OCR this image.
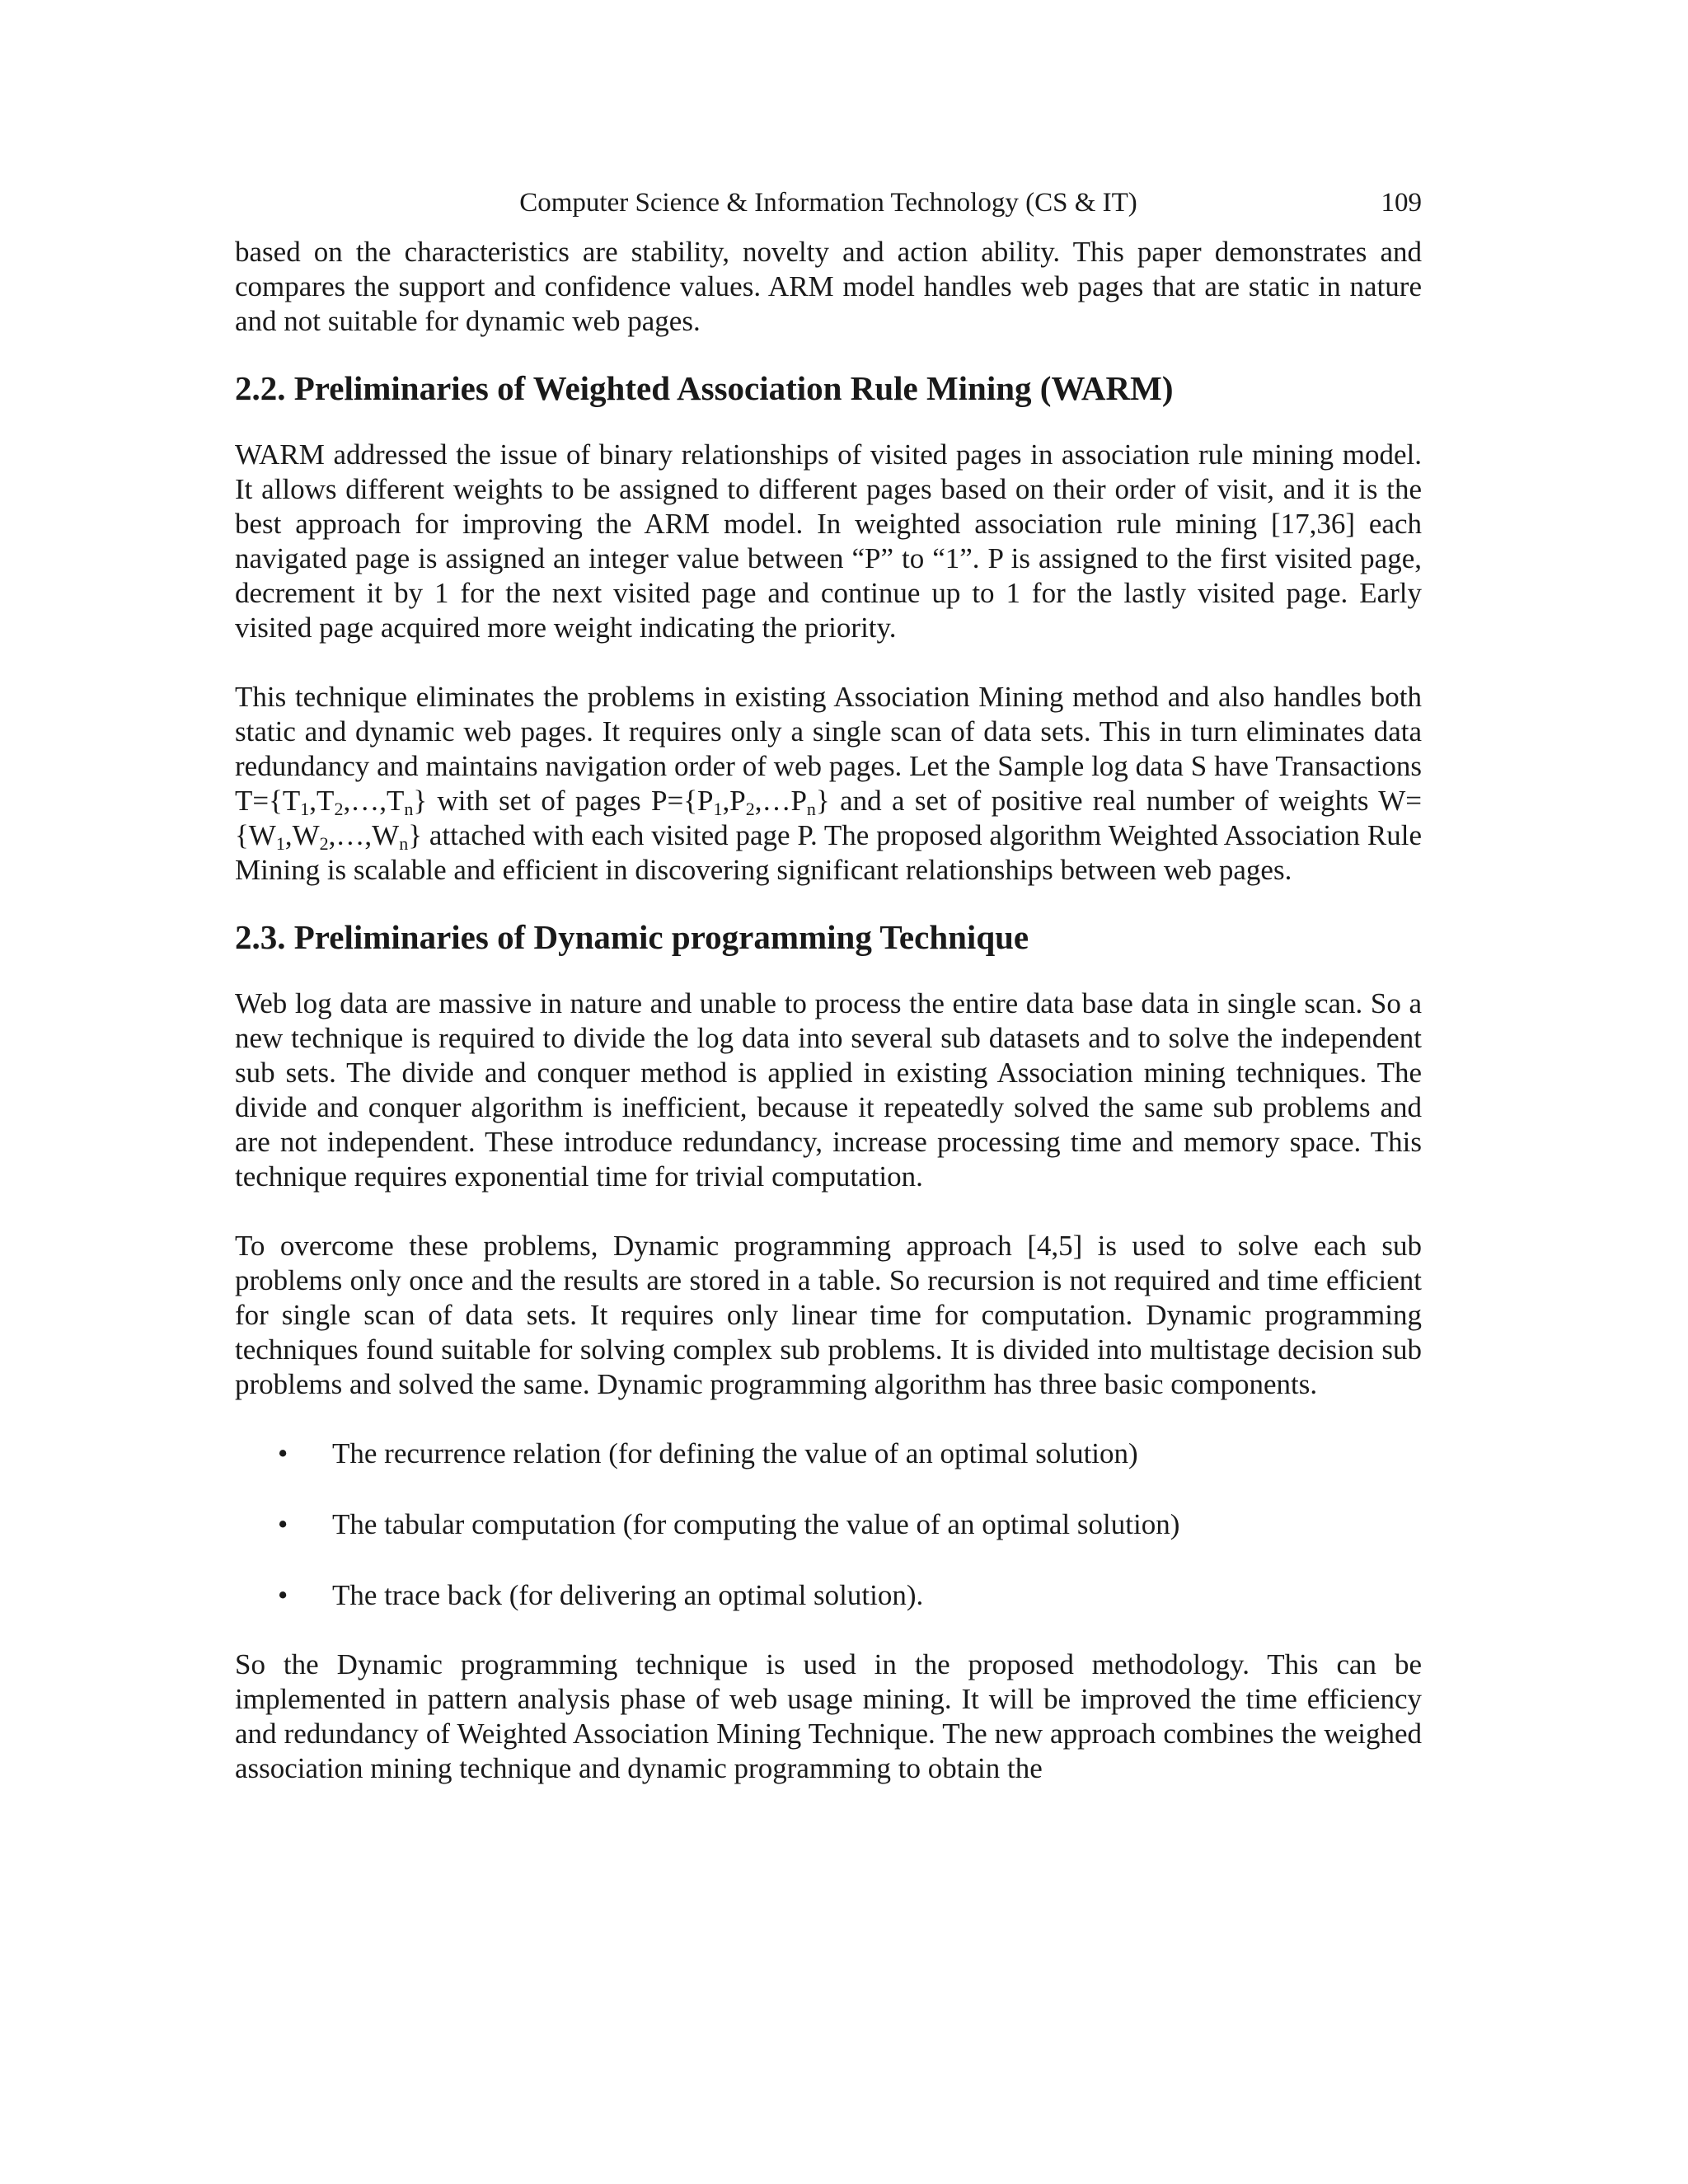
Computer Science & Information Technology (CS & IT)	109

based on the characteristics are stability, novelty and action ability. This paper demonstrates and compares the support and confidence values. ARM model handles web pages that are static in nature and not suitable for dynamic web pages.

2.2. Preliminaries of Weighted Association Rule Mining (WARM)

WARM addressed the issue of binary relationships of visited pages in association rule mining model. It allows different weights to be assigned to different pages based on their order of visit, and it is the best approach for improving the ARM model. In weighted association rule mining [17,36] each navigated page is assigned an integer value between “P” to “1”. P is assigned to the first visited page, decrement it by 1 for the next visited page and continue up to 1 for the lastly visited page. Early visited page acquired more weight indicating the priority.

This technique eliminates the problems in existing Association Mining method and also handles both static and dynamic web pages. It requires only a single scan of data sets. This in turn eliminates data redundancy and maintains navigation order of web pages. Let the Sample log data S have Transactions $T=\{T_1,T_2,\dots,T_n\}$ with set of pages $P=\{P_1,P_2,\dots P_n\}$ and a set of positive real number of weights $W=\{W_1,W_2,\dots,W_n\}$ attached with each visited page P. The proposed algorithm Weighted Association Rule Mining is scalable and efficient in discovering significant relationships between web pages.

2.3. Preliminaries of Dynamic programming Technique

Web log data are massive in nature and unable to process the entire data base data in single scan. So a new technique is required to divide the log data into several sub datasets and to solve the independent sub sets. The divide and conquer method is applied in existing Association mining techniques. The divide and conquer algorithm is inefficient, because it repeatedly solved the same sub problems and are not independent. These introduce redundancy, increase processing time and memory space. This technique requires exponential time for trivial computation.

To overcome these problems, Dynamic programming approach [4,5] is used to solve each sub problems only once and the results are stored in a table. So recursion is not required and time efficient for single scan of data sets. It requires only linear time for computation. Dynamic programming techniques found suitable for solving complex sub problems. It is divided into multistage decision sub problems and solved the same. Dynamic programming algorithm has three basic components.

• The recurrence relation (for defining the value of an optimal solution)
• The tabular computation (for computing the value of an optimal solution)
• The trace back (for delivering an optimal solution).

So the Dynamic programming technique is used in the proposed methodology. This can be implemented in pattern analysis phase of web usage mining. It will be improved the time efficiency and redundancy of Weighted Association Mining Technique. The new approach combines the weighed association mining technique and dynamic programming to obtain the
